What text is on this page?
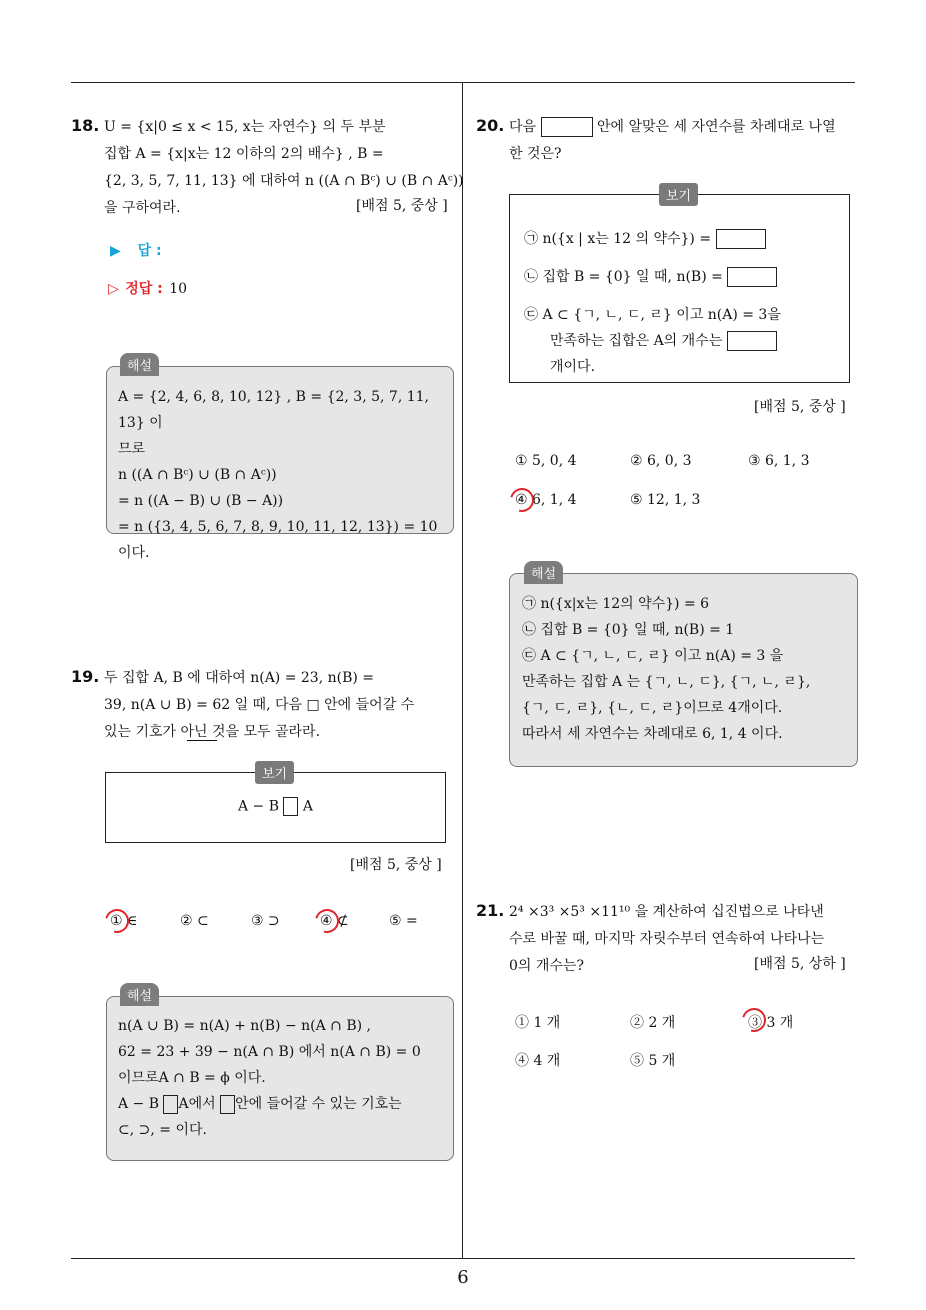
18. U = {x|0 ≤ x < 15, x는 자연수} 의 두 부분
집합 A = {x|x는 12 이하의 2의 배수} , B =
{2, 3, 5, 7, 11, 13} 에 대하여 n ((A ∩ Bᶜ) ∪ (B ∩ Aᶜ))
을 구하여라.	[배점 5, 중상 ]
▶ 답 :
▷ 정답 : 10
해설
A = {2, 4, 6, 8, 10, 12} , B = {2, 3, 5, 7, 11, 13} 이
므로
n ((A ∩ Bᶜ) ∪ (B ∩ Aᶜ))
= n ((A − B) ∪ (B − A))
= n ({3, 4, 5, 6, 7, 8, 9, 10, 11, 12, 13}) = 10 이다.
19. 두 집합 A, B 에 대하여 n(A) = 23, n(B) =
39, n(A ∪ B) = 62 일 때, 다음 □ 안에 들어갈 수
있는 기호가 아닌 것을 모두 골라라.
A − B A
보기
[배점 5, 중상 ]
① ∈	② ⊂	③ ⊃	④ ⊄	⑤ =
해설
n(A ∪ B) = n(A) + n(B) − n(A ∩ B) ,
62 = 23 + 39 − n(A ∩ B) 에서 n(A ∩ B) = 0
이므로A ∩ B = ϕ 이다.
A − B A에서 안에 들어갈 수 있는 기호는
⊂, ⊃, = 이다.
20. 다음	안에 알맞은 세 자연수를 차례대로 나열
한 것은?
보기
㉠ n({x | x는 12 의 약수}) =
㉡ 집합 B = {0} 일 때, n(B) =
㉢ A ⊂ {ㄱ, ㄴ, ㄷ, ㄹ} 이고 n(A) = 3을
만족하는 집합은 A의 개수는
개이다.
[배점 5, 중상 ]
① 5, 0, 4	② 6, 0, 3	③ 6, 1, 3
④ 6, 1, 4	⑤ 12, 1, 3
해설
㉠ n({x|x는 12의 약수}) = 6
㉡ 집합 B = {0} 일 때, n(B) = 1
㉢ A ⊂ {ㄱ, ㄴ, ㄷ, ㄹ} 이고 n(A) = 3 을
만족하는 집합 A 는 {ㄱ, ㄴ, ㄷ}, {ㄱ, ㄴ, ㄹ},
{ㄱ, ㄷ, ㄹ}, {ㄴ, ㄷ, ㄹ}이므로 4개이다.
따라서 세 자연수는 차례대로 6, 1, 4 이다.
21. 2⁴ ×3³ ×5³ ×11¹⁰ 을 계산하여 십진법으로 나타낸
수로 바꿀 때, 마지막 자릿수부터 연속하여 나타나는
0의 개수는?	[배점 5, 상하 ]
① 1 개	② 2 개	③ 3 개
④ 4 개	⑤ 5 개
6
